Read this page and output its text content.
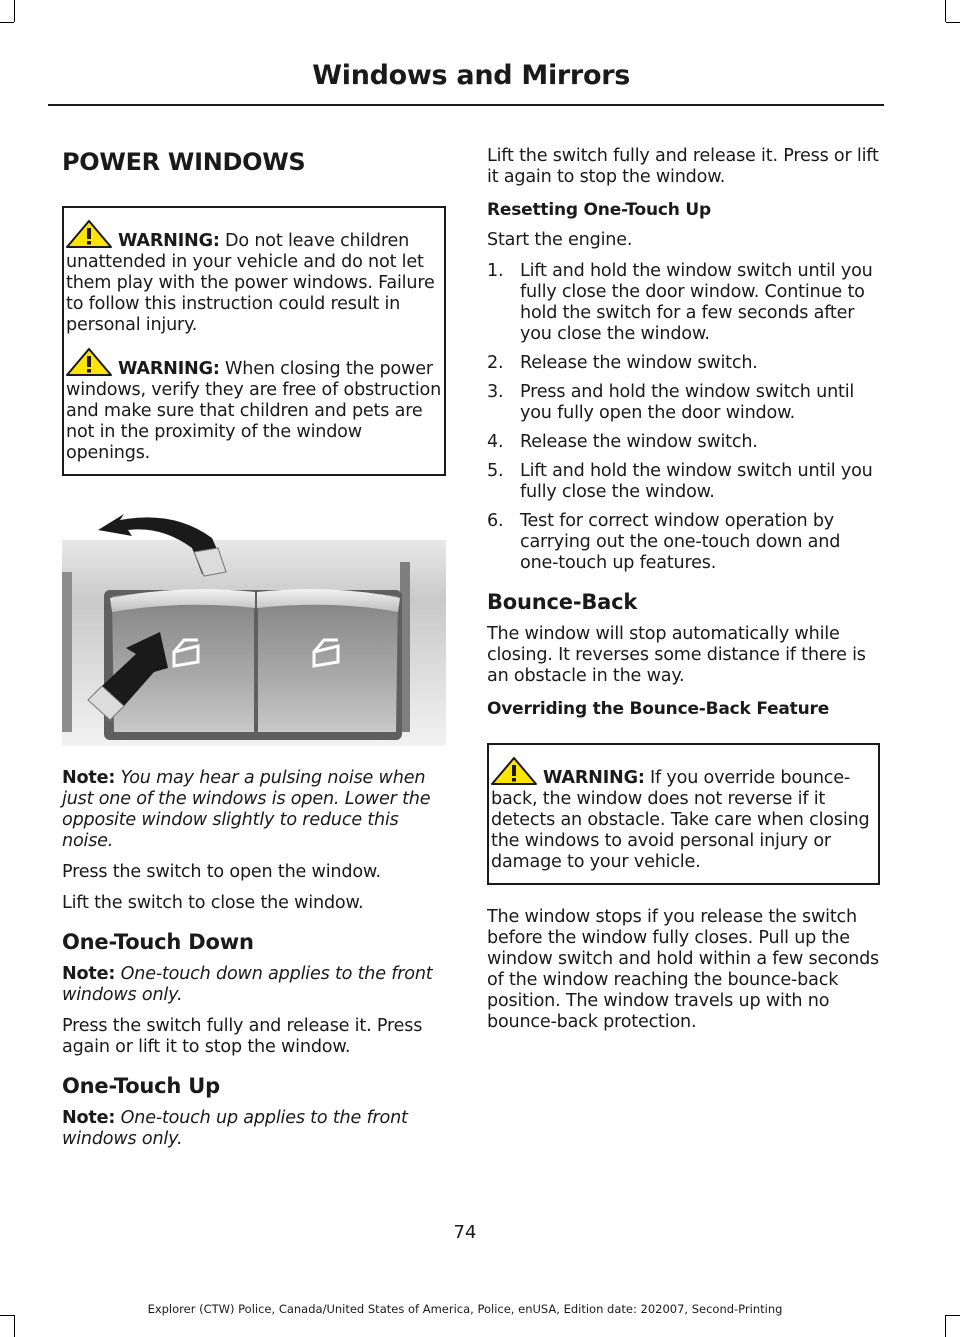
Windows and Mirrors
POWER WINDOWS

WARNING: Do not leave children unattended in your vehicle and do not let them play with the power windows. Failure to follow this instruction could result in personal injury.

WARNING: When closing the power windows, verify they are free of obstruction and make sure that children and pets are not in the proximity of the window openings.

Note: You may hear a pulsing noise when just one of the windows is open. Lower the opposite window slightly to reduce this noise.

Press the switch to open the window.

Lift the switch to close the window.

One-Touch Down

Note: One-touch down applies to the front windows only.

Press the switch fully and release it. Press again or lift it to stop the window.

One-Touch Up

Note: One-touch up applies to the front windows only.

Lift the switch fully and release it. Press or lift it again to stop the window.

Resetting One-Touch Up

Start the engine.

1. Lift and hold the window switch until you fully close the door window. Continue to hold the switch for a few seconds after you close the window.
2. Release the window switch.
3. Press and hold the window switch until you fully open the door window.
4. Release the window switch.
5. Lift and hold the window switch until you fully close the window.
6. Test for correct window operation by carrying out the one-touch down and one-touch up features.
Bounce-Back

The window will stop automatically while closing. It reverses some distance if there is an obstacle in the way.

Overriding the Bounce-Back Feature

WARNING: If you override bounce-back, the window does not reverse if it detects an obstacle. Take care when closing the windows to avoid personal injury or damage to your vehicle.

The window stops if you release the switch before the window fully closes. Pull up the window switch and hold within a few seconds of the window reaching the bounce-back position. The window travels up with no bounce-back protection.

74
Explorer (CTW) Police, Canada/United States of America, Police, enUSA, Edition date: 202007, Second-Printing
